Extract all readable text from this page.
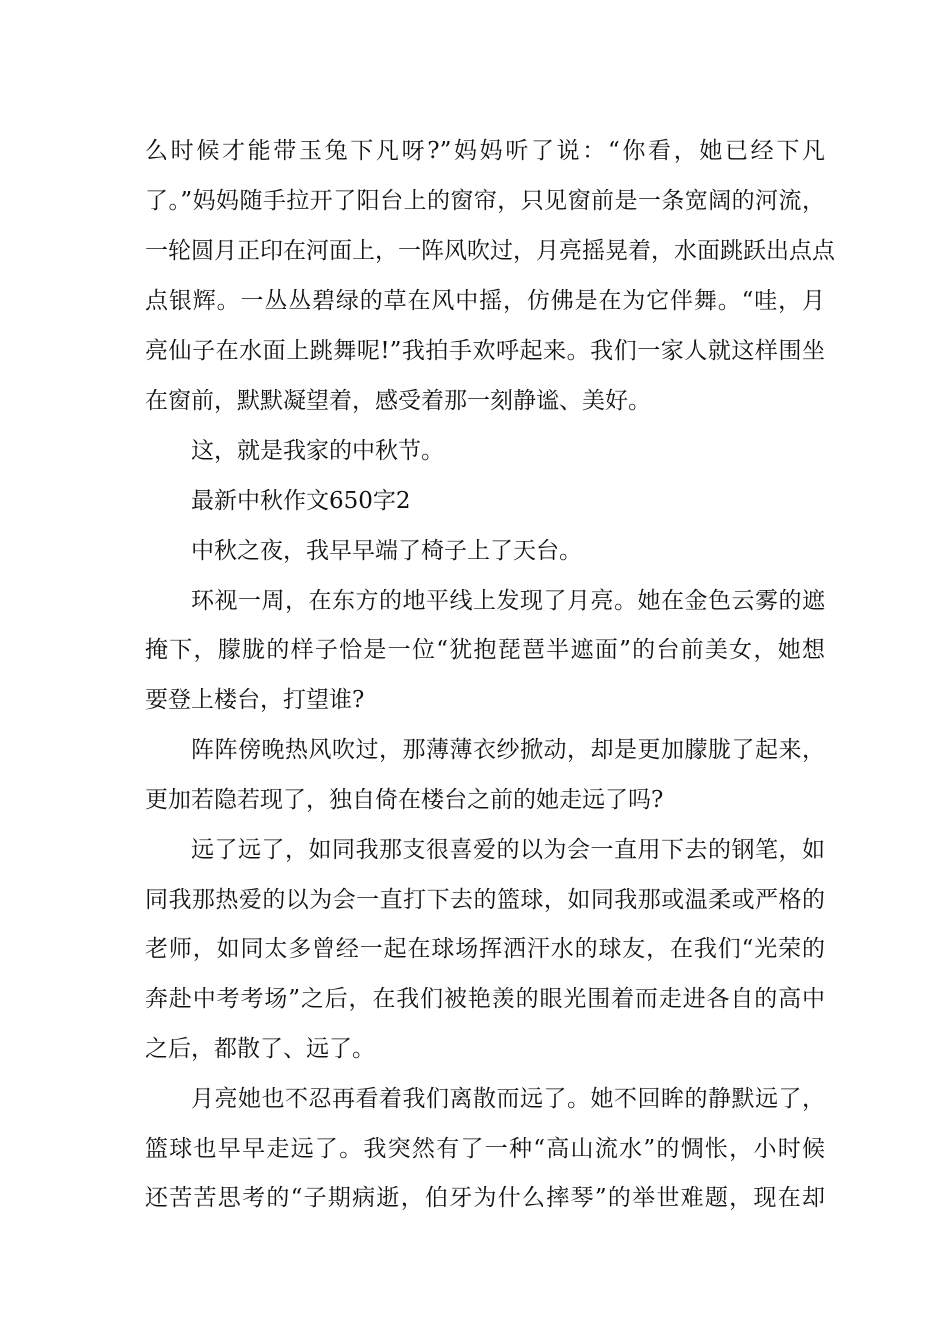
么时候才能带玉兔下凡呀?”妈妈听了说：“你看，她已经下凡
了。”妈妈随手拉开了阳台上的窗帘，只见窗前是一条宽阔的河流，
一轮圆月正印在河面上，一阵风吹过，月亮摇晃着，水面跳跃出点点
点银辉。一丛丛碧绿的草在风中摇，仿佛是在为它伴舞。“哇，月
亮仙子在水面上跳舞呢!”我拍手欢呼起来。我们一家人就这样围坐
在窗前，默默凝望着，感受着那一刻静谧、美好。
这，就是我家的中秋节。
最新中秋作文650字2
中秋之夜，我早早端了椅子上了天台。
环视一周，在东方的地平线上发现了月亮。她在金色云雾的遮
掩下，朦胧的样子恰是一位“犹抱琵琶半遮面”的台前美女，她想
要登上楼台，打望谁?
阵阵傍晚热风吹过，那薄薄衣纱掀动，却是更加朦胧了起来，
更加若隐若现了，独自倚在楼台之前的她走远了吗?
远了远了，如同我那支很喜爱的以为会一直用下去的钢笔，如
同我那热爱的以为会一直打下去的篮球，如同我那或温柔或严格的
老师，如同太多曾经一起在球场挥洒汗水的球友，在我们“光荣的
奔赴中考考场”之后，在我们被艳羡的眼光围着而走进各自的高中
之后，都散了、远了。
月亮她也不忍再看着我们离散而远了。她不回眸的静默远了，
篮球也早早走远了。我突然有了一种“高山流水”的惆怅，小时候
还苦苦思考的“子期病逝，伯牙为什么摔琴”的举世难题，现在却
